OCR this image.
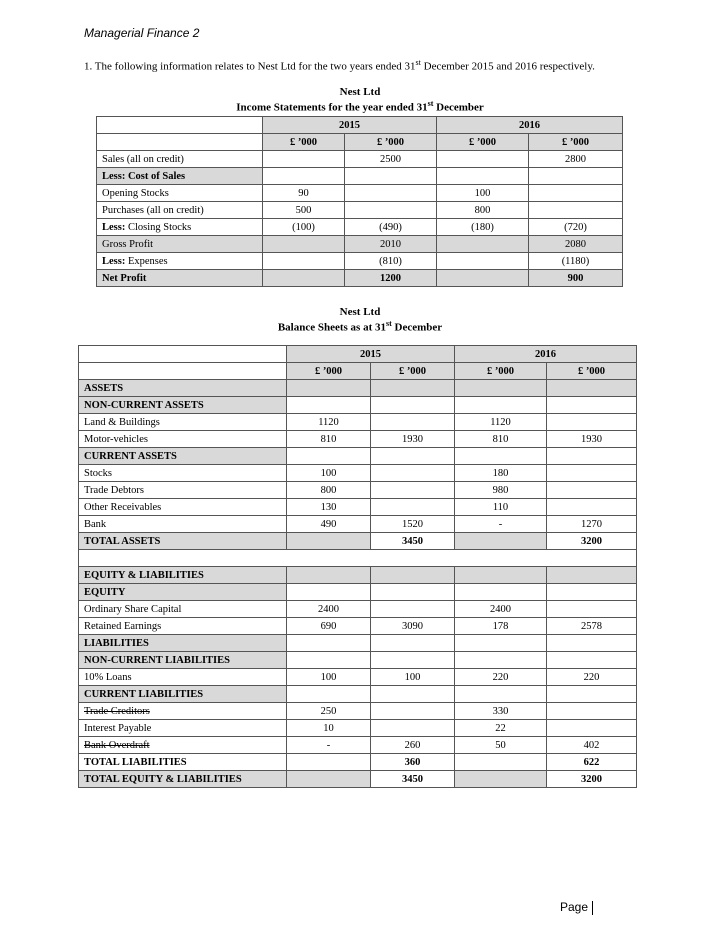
Managerial Finance 2
1. The following information relates to Nest Ltd for the two years ended 31st December 2015 and 2016 respectively.
Nest Ltd
Income Statements for the year ended 31st December
	2015		2016	
	£ ’000	£ ’000	£ ’000	£ ’000
Sales (all on credit)		2500		2800
Less: Cost of Sales				
Opening Stocks	90		100	
Purchases (all on credit)	500		800	
Less: Closing Stocks	(100)	(490)	(180)	(720)
Gross Profit		2010		2080
Less: Expenses		(810)		(1180)
Net Profit		1200		900
Nest Ltd
Balance Sheets as at 31st December
	2015		2016	
	£ ’000	£ ’000	£ ’000	£ ’000
ASSETS				
NON-CURRENT ASSETS				
Land & Buildings	1120		1120	
Motor-vehicles	810	1930	810	1930
CURRENT ASSETS				
Stocks	100		180	
Trade Debtors	800		980	
Other Receivables	130		110	
Bank	490	1520	-	1270
TOTAL ASSETS		3450		3200

EQUITY & LIABILITIES				
EQUITY				
Ordinary Share Capital	2400		2400	
Retained Earnings	690	3090	178	2578
LIABILITIES				
NON-CURRENT LIABILITIES				
10% Loans	100	100	220	220
CURRENT LIABILITIES				
Trade Creditors	250		330	
Interest Payable	10		22	
Bank Overdraft	-	260	50	402
TOTAL LIABILITIES		360		622
TOTAL EQUITY & LIABILITIES		3450		3200
Page
